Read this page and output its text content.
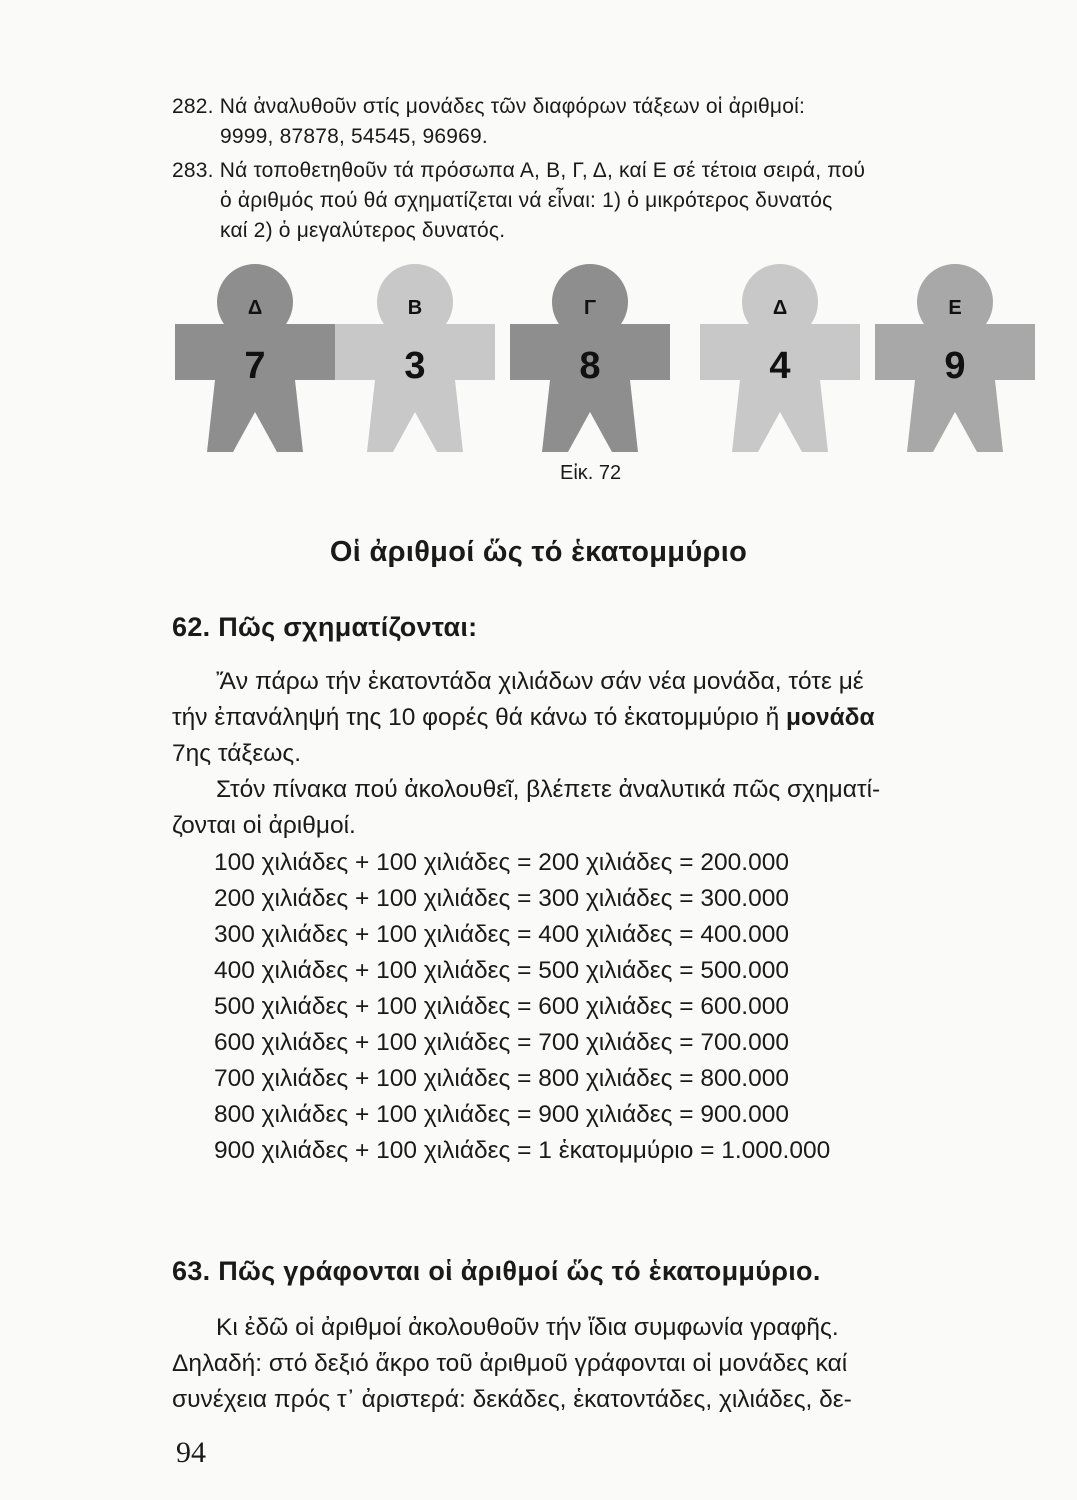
282. Νά ἀναλυθοῦν στίς μονάδες τῶν διαφόρων τάξεων οἱ ἀριθμοί:
9999, 87878, 54545, 96969.
283. Νά τοποθετηθοῦν τά πρόσωπα Α, Β, Γ, Δ, καί Ε σέ τέτοια σειρά, πού
ὁ ἀριθμός πού θά σχηματίζεται νά εἶναι: 1) ὁ μικρότερος δυνατός
καί 2) ὁ μεγαλύτερος δυνατός.
Δ
7
Β
3
Γ
8
Δ
4
Ε
9
Εἰκ. 72
Οἱ ἀριθμοί ὥς τό ἑκατομμύριο
62. Πῶς σχηματίζονται:
Ἄν πάρω τήν ἑκατοντάδα χιλιάδων σάν νέα μονάδα, τότε μέ
τήν ἐπανάληψή της 10 φορές θά κάνω τό ἑκατομμύριο ἤ μονάδα
7ης τάξεως.
Στόν πίνακα πού ἀκολουθεῖ, βλέπετε ἀναλυτικά πῶς σχηματί-
ζονται οἱ ἀριθμοί.
100 χιλιάδες + 100 χιλιάδες = 200 χιλιάδες = 200.000
200 χιλιάδες + 100 χιλιάδες = 300 χιλιάδες = 300.000
300 χιλιάδες + 100 χιλιάδες = 400 χιλιάδες = 400.000
400 χιλιάδες + 100 χιλιάδες = 500 χιλιάδες = 500.000
500 χιλιάδες + 100 χιλιάδες = 600 χιλιάδες = 600.000
600 χιλιάδες + 100 χιλιάδες = 700 χιλιάδες = 700.000
700 χιλιάδες + 100 χιλιάδες = 800 χιλιάδες = 800.000
800 χιλιάδες + 100 χιλιάδες = 900 χιλιάδες = 900.000
900 χιλιάδες + 100 χιλιάδες = 1 ἑκατομμύριο = 1.000.000
63. Πῶς γράφονται οἱ ἀριθμοί ὥς τό ἑκατομμύριο.
Κι ἐδῶ οἱ ἀριθμοί ἀκολουθοῦν τήν ἴδια συμφωνία γραφῆς.
Δηλαδή: στό δεξιό ἄκρο τοῦ ἀριθμοῦ γράφονται οἱ μονάδες καί
συνέχεια πρός τ᾽ ἀριστερά: δεκάδες, ἑκατοντάδες, χιλιάδες, δε-
94
